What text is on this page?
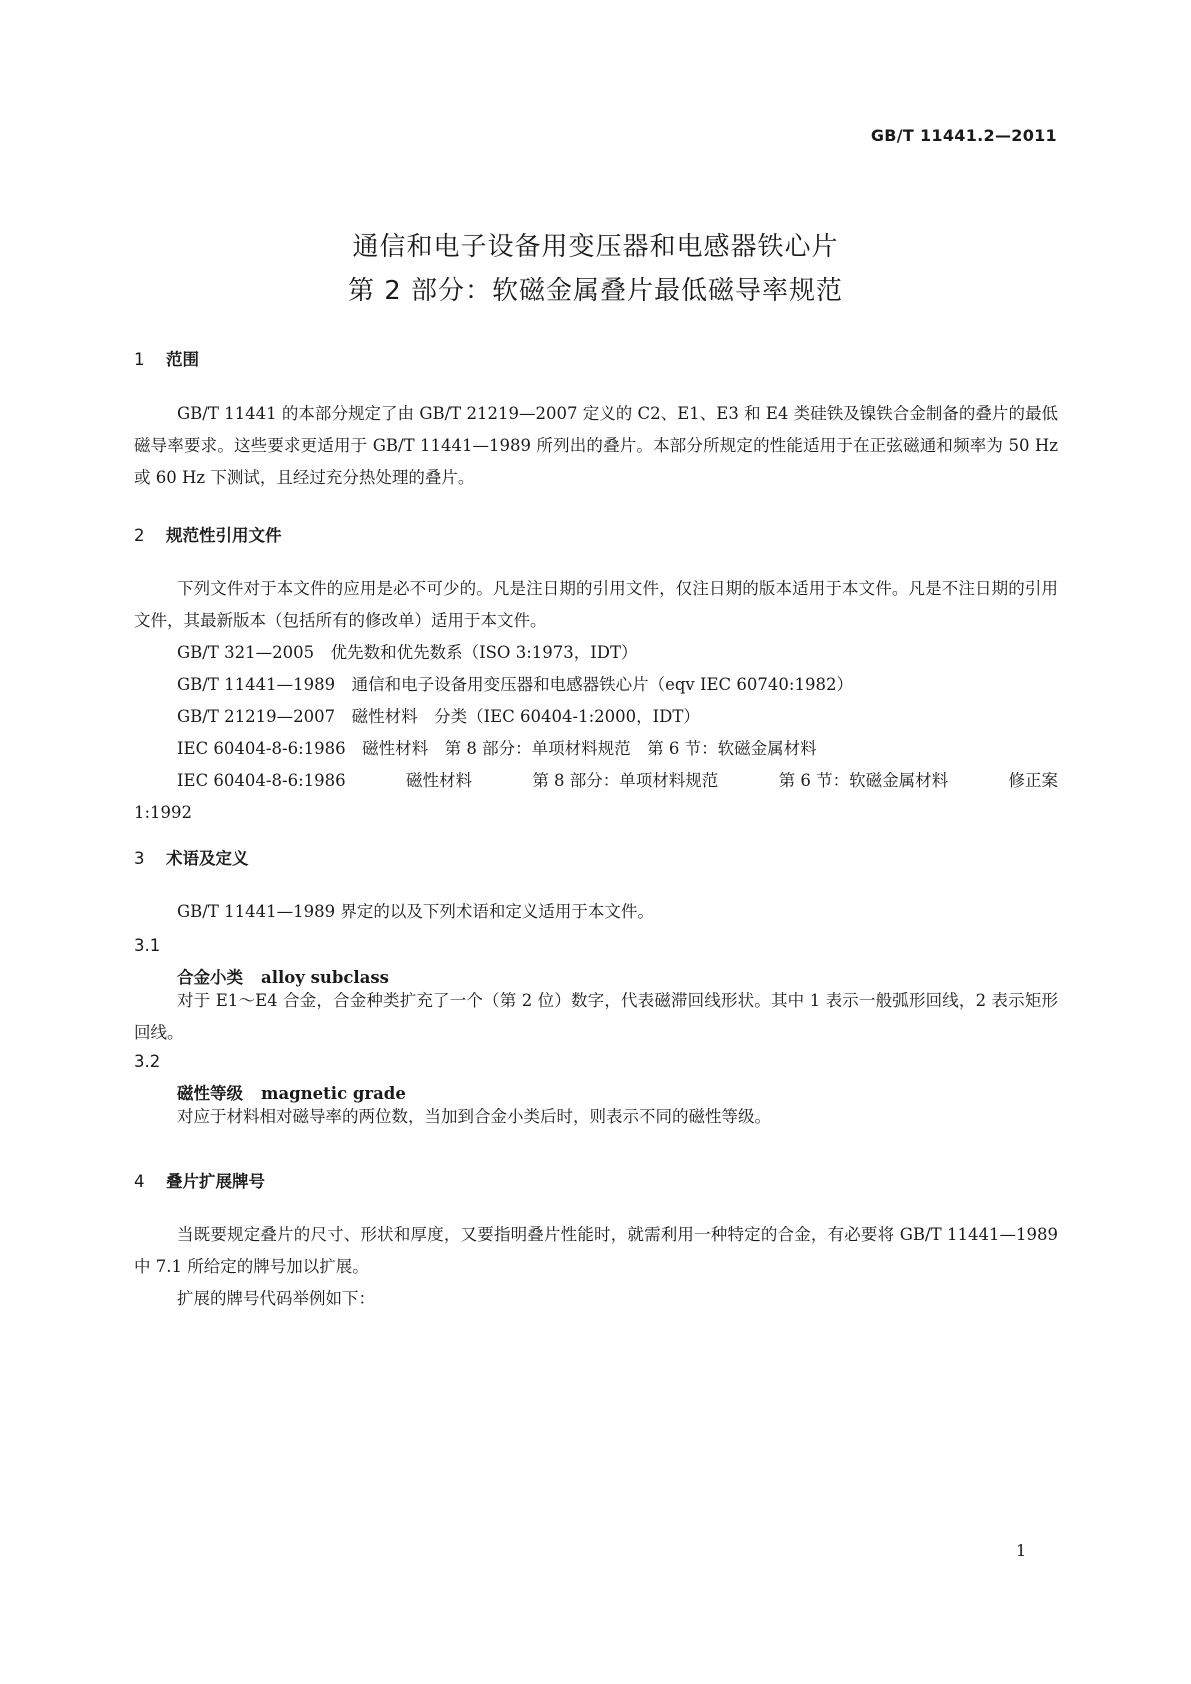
GB/T 11441.2—2011
通信和电子设备用变压器和电感器铁心片
第 2 部分：软磁金属叠片最低磁导率规范
1 范围
GB/T 11441 的本部分规定了由 GB/T 21219—2007 定义的 C2、E1、E3 和 E4 类硅铁及镍铁合金制备的叠片的最低磁导率要求。这些要求更适用于 GB/T 11441—1989 所列出的叠片。本部分所规定的性能适用于在正弦磁通和频率为 50 Hz 或 60 Hz 下测试，且经过充分热处理的叠片。
2 规范性引用文件
下列文件对于本文件的应用是必不可少的。凡是注日期的引用文件，仅注日期的版本适用于本文件。凡是不注日期的引用文件，其最新版本（包括所有的修改单）适用于本文件。
GB/T 321—2005　优先数和优先数系（ISO 3:1973，IDT）
GB/T 11441—1989　通信和电子设备用变压器和电感器铁心片（eqv IEC 60740:1982）
GB/T 21219—2007　磁性材料　分类（IEC 60404-1:2000，IDT）
IEC 60404-8-6:1986　磁性材料　第 8 部分：单项材料规范　第 6 节：软磁金属材料
IEC 60404-8-6:1986	磁性材料	第 8 部分：单项材料规范	第 6 节：软磁金属材料	修正案
1:1992
3 术语及定义
GB/T 11441—1989 界定的以及下列术语和定义适用于本文件。
3.1
合金小类 alloy subclass
对于 E1～E4 合金，合金种类扩充了一个（第 2 位）数字，代表磁滞回线形状。其中 1 表示一般弧形回线，2 表示矩形回线。
3.2
磁性等级 magnetic grade
对应于材料相对磁导率的两位数，当加到合金小类后时，则表示不同的磁性等级。
4 叠片扩展牌号
当既要规定叠片的尺寸、形状和厚度，又要指明叠片性能时，就需利用一种特定的合金，有必要将 GB/T 11441—1989 中 7.1 所给定的牌号加以扩展。
扩展的牌号代码举例如下：
1
